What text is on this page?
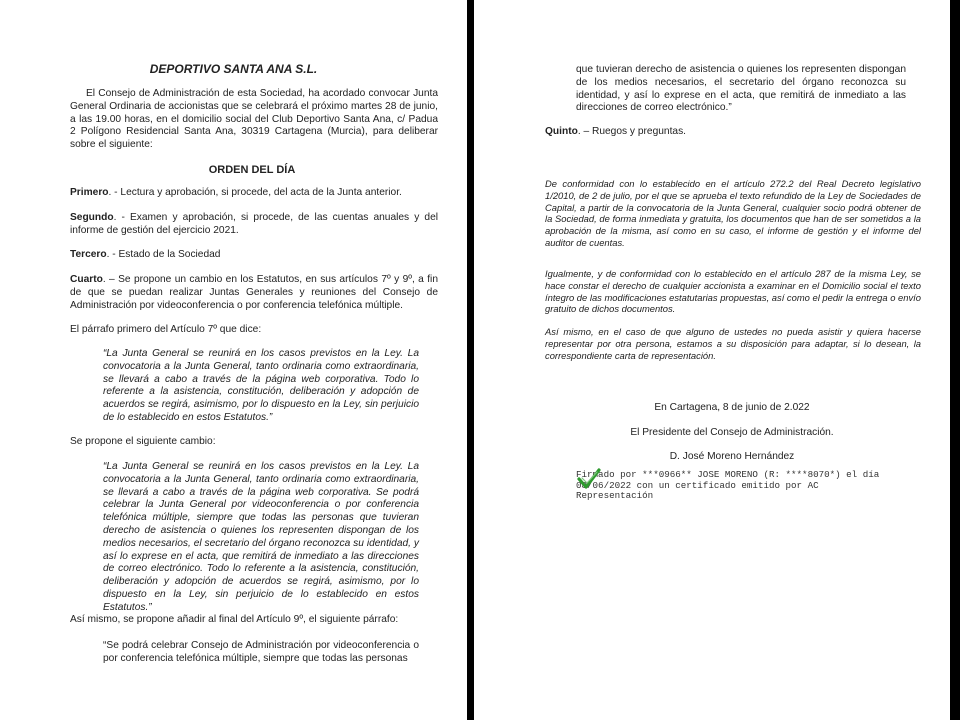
DEPORTIVO SANTA ANA S.L.

El Consejo de Administración de esta Sociedad, ha acordado convocar Junta General Ordinaria de accionistas que se celebrará el próximo martes 28 de junio, a las 19.00 horas, en el domicilio social del Club Deportivo Santa Ana, c/ Padua 2 Polígono Residencial Santa Ana, 30319 Cartagena (Murcia), para deliberar sobre el siguiente:

ORDEN DEL DÍA

Primero. - Lectura y aprobación, si procede, del acta de la Junta anterior.

Segundo. - Examen y aprobación, si procede, de las cuentas anuales y del informe de gestión del ejercicio 2021.

Tercero. - Estado de la Sociedad

Cuarto. – Se propone un cambio en los Estatutos, en sus artículos 7º y 9º, a fin de que se puedan realizar Juntas Generales y reuniones del Consejo de Administración por videoconferencia o por conferencia telefónica múltiple.

El párrafo primero del Artículo 7º que dice:

“La Junta General se reunirá en los casos previstos en la Ley. La convocatoria a la Junta General, tanto ordinaria como extraordinaria, se llevará a cabo a través de la página web corporativa. Todo lo referente a la asistencia, constitución, deliberación y adopción de acuerdos se regirá, asimismo, por lo dispuesto en la Ley, sin perjuicio de lo establecido en estos Estatutos.”

Se propone el siguiente cambio:

“La Junta General se reunirá en los casos previstos en la Ley. La convocatoria a la Junta General, tanto ordinaria como extraordinaria, se llevará a cabo a través de la página web corporativa. Se podrá celebrar la Junta General por videoconferencia o por conferencia telefónica múltiple, siempre que todas las personas que tuvieran derecho de asistencia o quienes los representen dispongan de los medios necesarios, el secretario del órgano reconozca su identidad, y así lo exprese en el acta, que remitirá de inmediato a las direcciones de correo electrónico. Todo lo referente a la asistencia, constitución, deliberación y adopción de acuerdos se regirá, asimismo, por lo dispuesto en la Ley, sin perjuicio de lo establecido en estos Estatutos.”

Así mismo, se propone añadir al final del Artículo 9º, el siguiente párrafo:

“Se podrá celebrar Consejo de Administración por videoconferencia o por conferencia telefónica múltiple, siempre que todas las personas

que tuvieran derecho de asistencia o quienes los representen dispongan de los medios necesarios, el secretario del órgano reconozca su identidad, y así lo exprese en el acta, que remitirá de inmediato a las direcciones de correo electrónico.”

Quinto. – Ruegos y preguntas.

De conformidad con lo establecido en el artículo 272.2 del Real Decreto legislativo 1/2010, de 2 de julio, por el que se aprueba el texto refundido de la Ley de Sociedades de Capital, a partir de la convocatoria de la Junta General, cualquier socio podrá obtener de la Sociedad, de forma inmediata y gratuita, los documentos que han de ser sometidos a la aprobación de la misma, así como en su caso, el informe de gestión y el informe del auditor de cuentas.

Igualmente, y de conformidad con lo establecido en el artículo 287 de la misma Ley, se hace constar el derecho de cualquier accionista a examinar en el Domicilio social el texto íntegro de las modificaciones estatutarias propuestas, así como el pedir la entrega o envío gratuito de dichos documentos.

Así mismo, en el caso de que alguno de ustedes no pueda asistir y quiera hacerse representar por otra persona, estamos a su disposición para adaptar, si lo desean, la correspondiente carta de representación.

En Cartagena, 8 de junio de 2.022
El Presidente del Consejo de Administración.
D. José Moreno Hernández
Firmado por ***0966** JOSE MORENO (R: ****8070*) el día
08/06/2022 con un certificado emitido por AC
Representación
